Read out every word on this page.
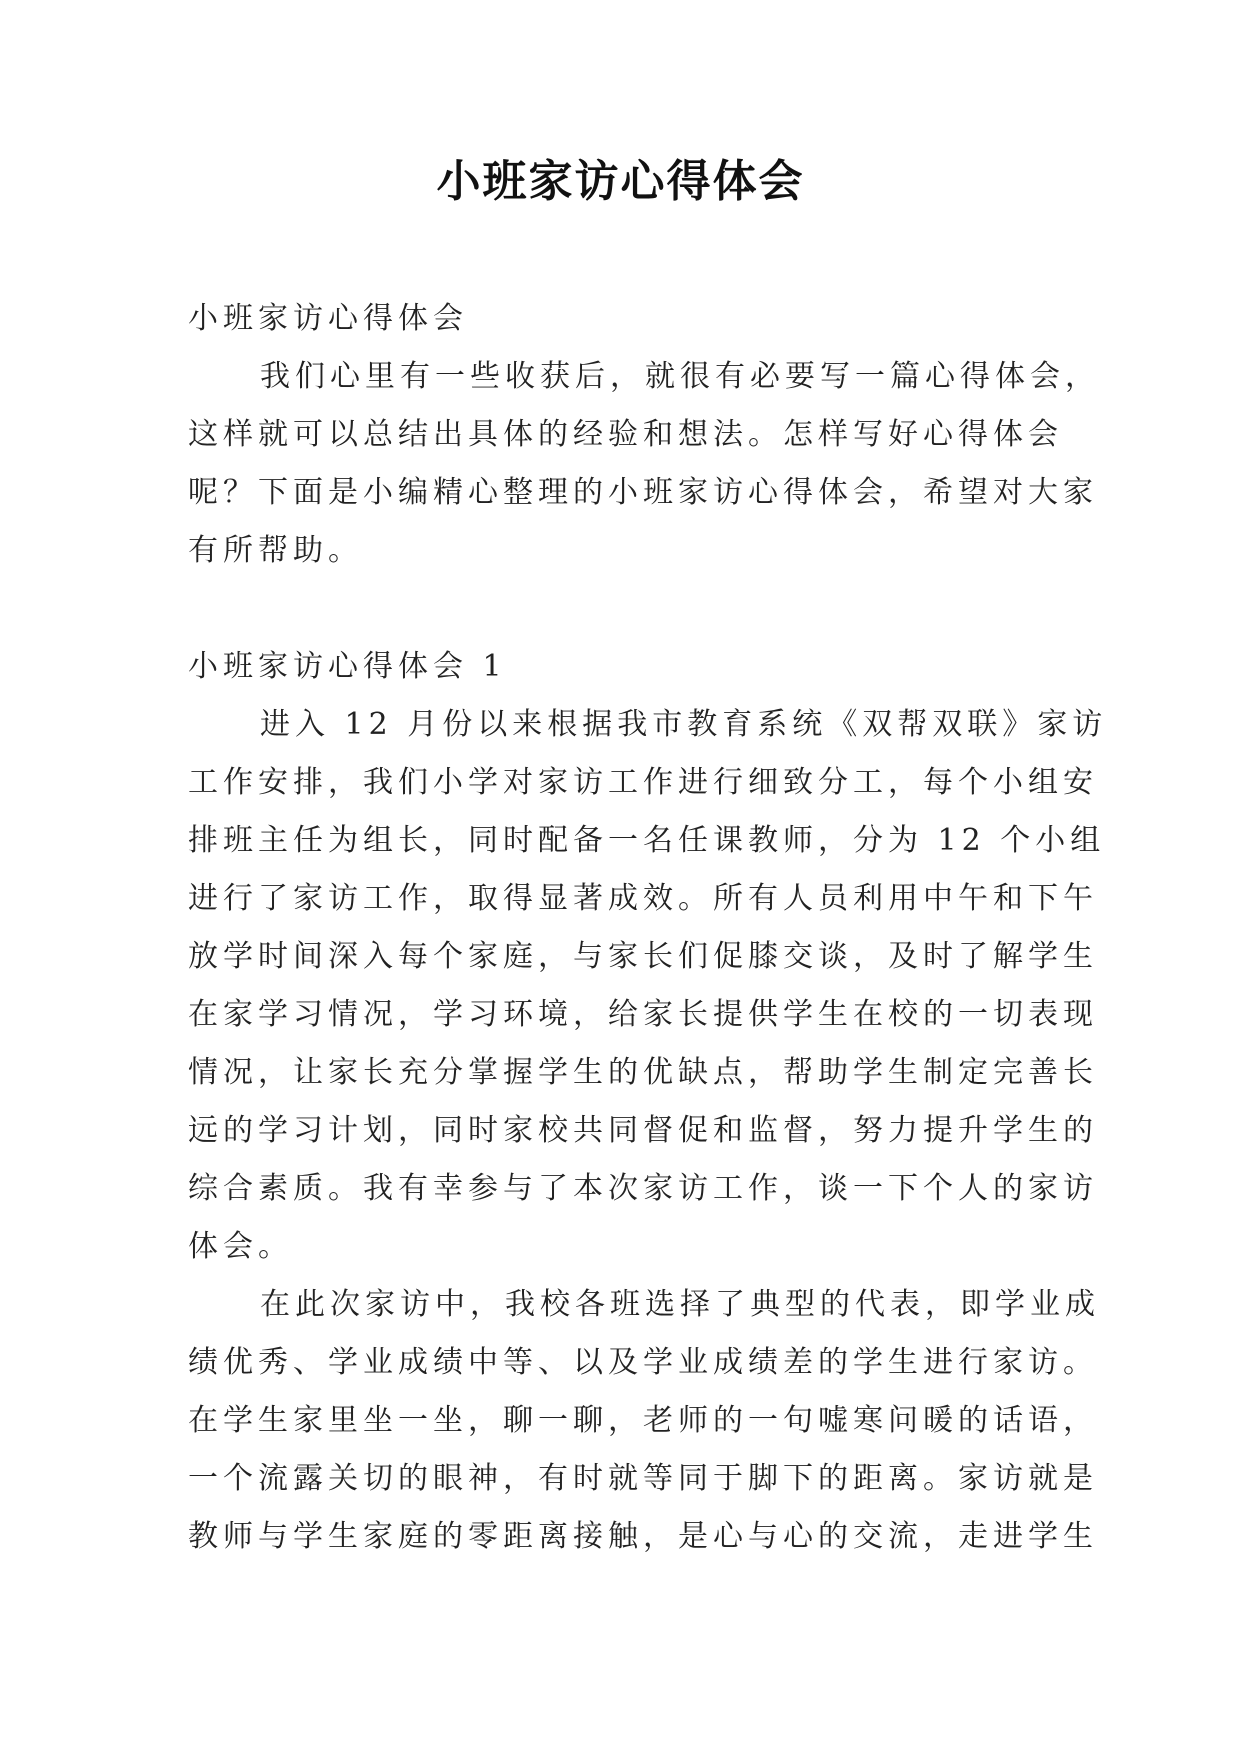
小班家访心得体会

小班家访心得体会

我们心里有一些收获后，就很有必要写一篇心得体会，

这样就可以总结出具体的经验和想法。怎样写好心得体会

呢？下面是小编精心整理的小班家访心得体会，希望对大家

有所帮助。

小班家访心得体会 1

进入 12 月份以来根据我市教育系统《双帮双联》家访

工作安排，我们小学对家访工作进行细致分工，每个小组安

排班主任为组长，同时配备一名任课教师，分为 12 个小组

进行了家访工作，取得显著成效。所有人员利用中午和下午

放学时间深入每个家庭，与家长们促膝交谈，及时了解学生

在家学习情况，学习环境，给家长提供学生在校的一切表现

情况，让家长充分掌握学生的优缺点，帮助学生制定完善长

远的学习计划，同时家校共同督促和监督，努力提升学生的

综合素质。我有幸参与了本次家访工作，谈一下个人的家访

体会。

在此次家访中，我校各班选择了典型的代表，即学业成

绩优秀、学业成绩中等、以及学业成绩差的学生进行家访。

在学生家里坐一坐，聊一聊，老师的一句嘘寒问暖的话语，

一个流露关切的眼神，有时就等同于脚下的距离。家访就是

教师与学生家庭的零距离接触，是心与心的交流，走进学生
